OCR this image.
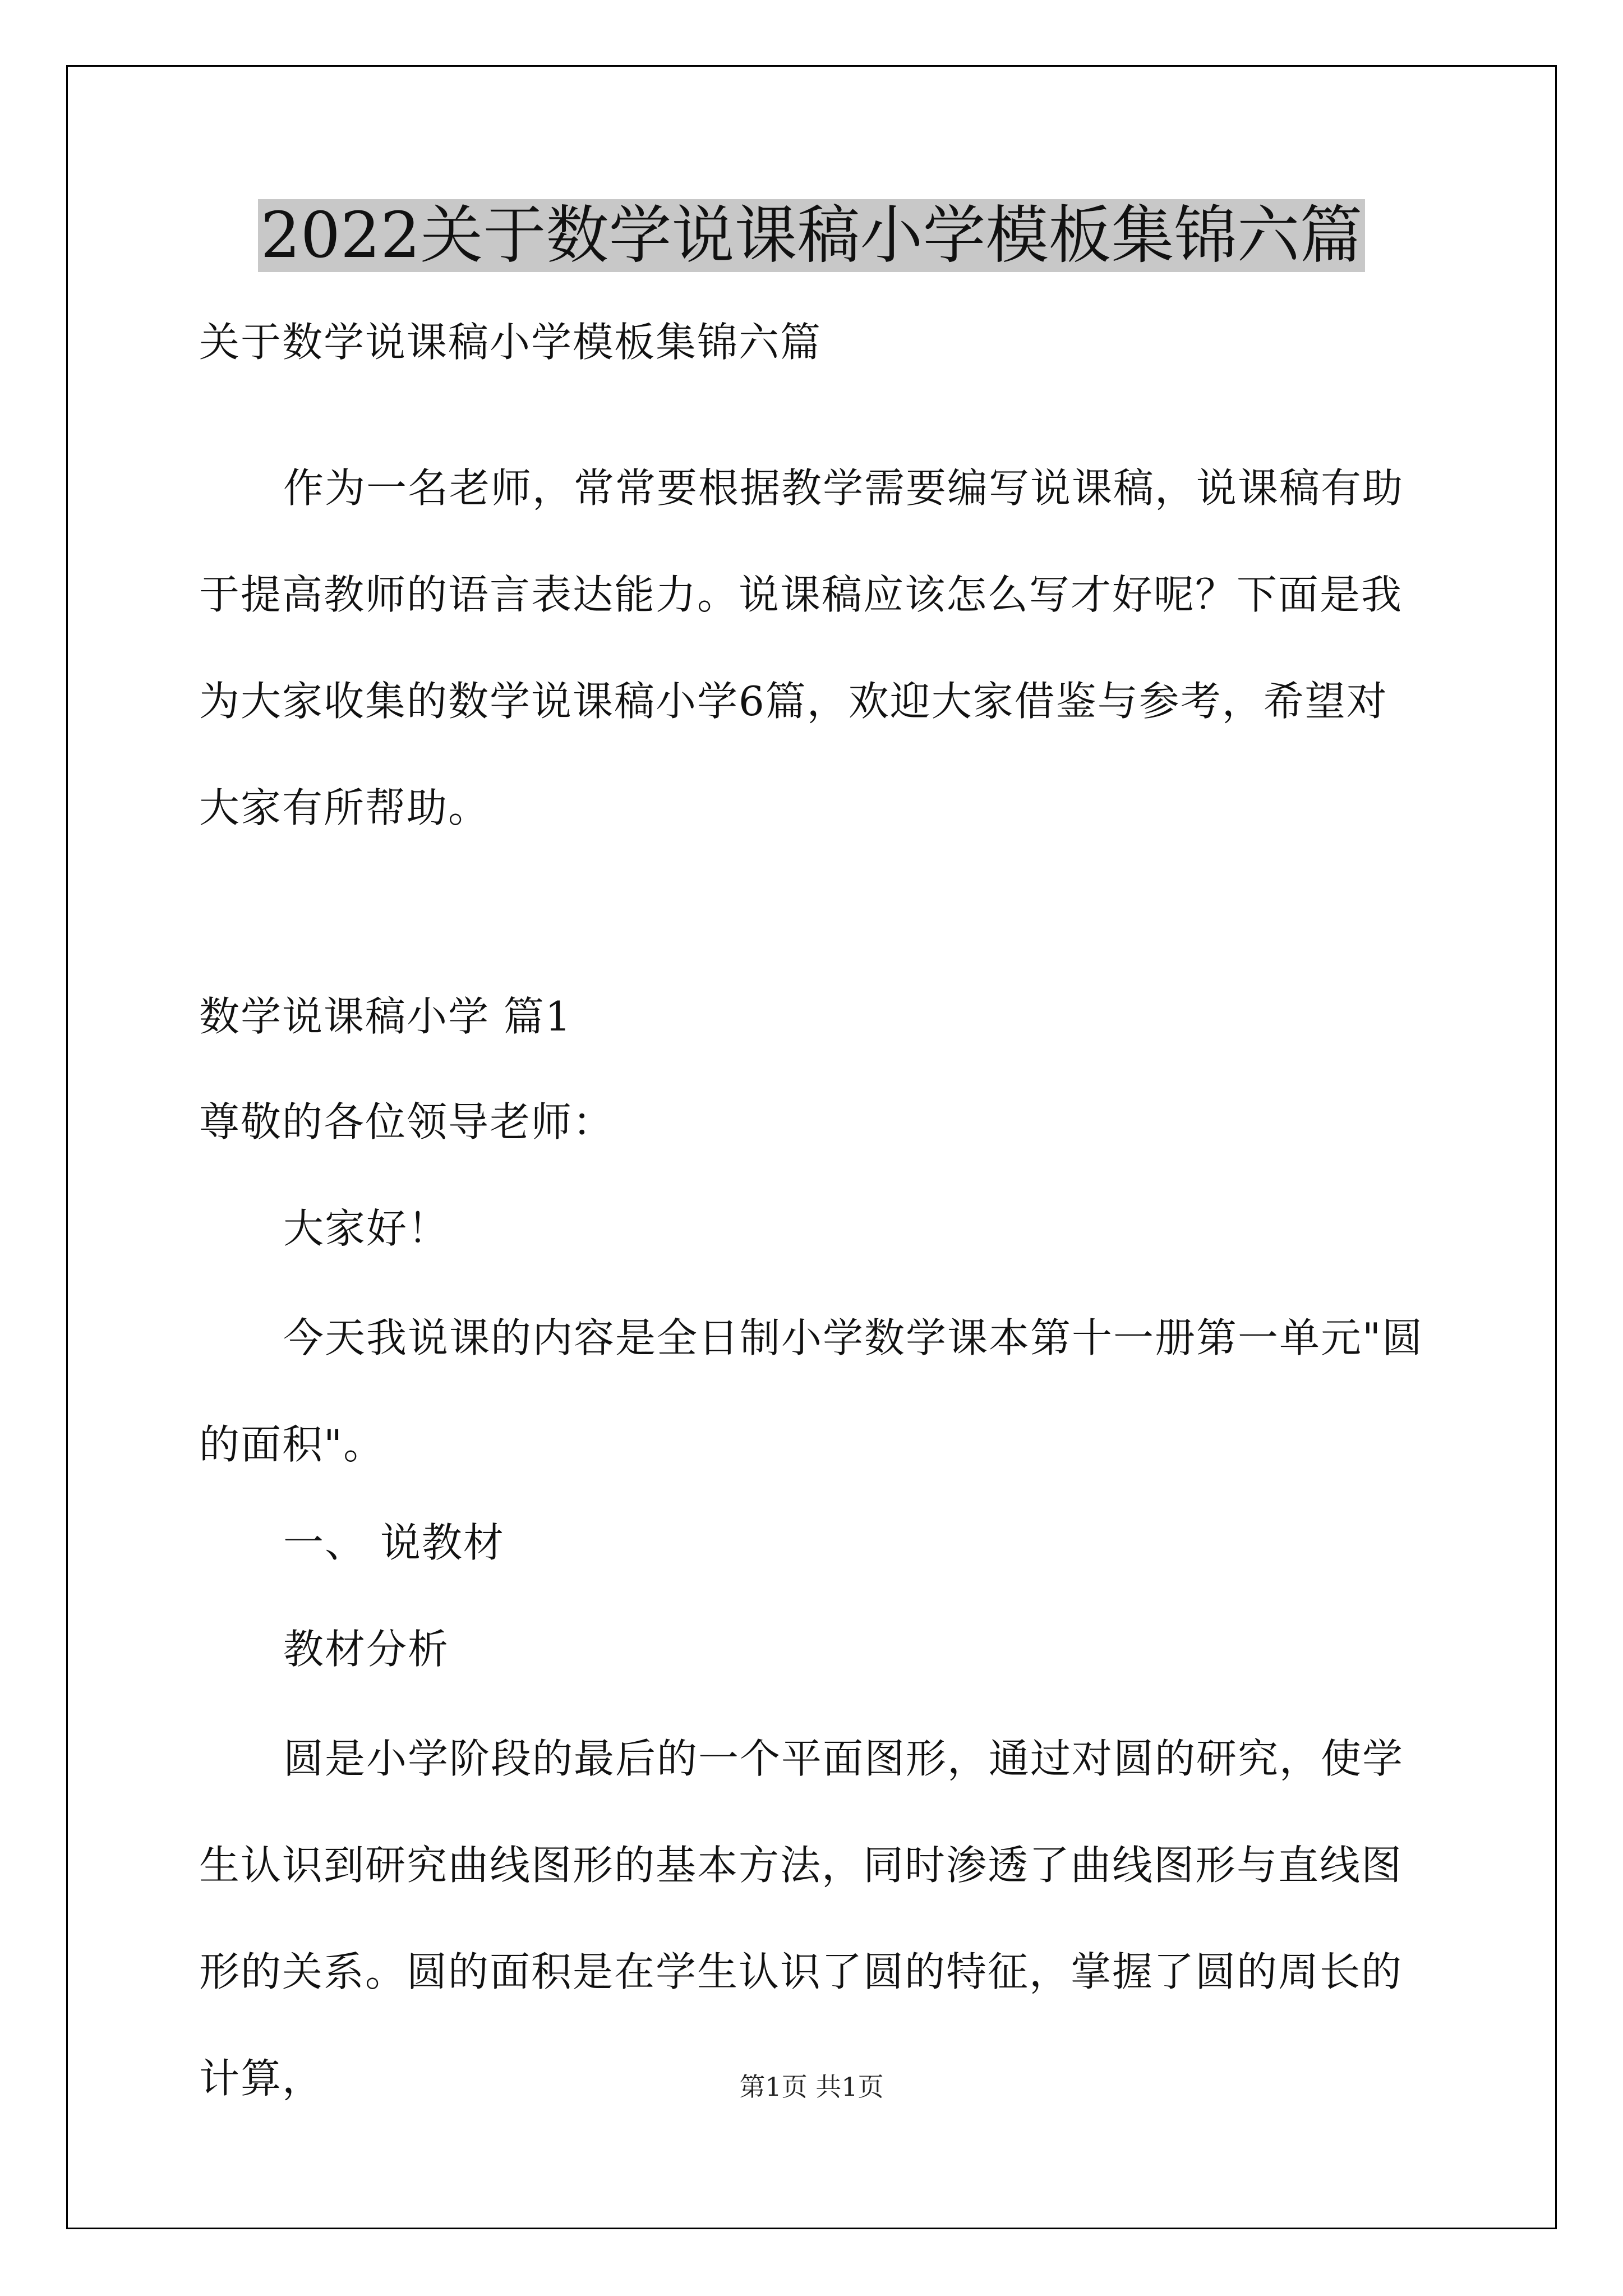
2022关于数学说课稿小学模板集锦六篇
关于数学说课稿小学模板集锦六篇

作为一名老师，常常要根据教学需要编写说课稿，说课稿有助于提高教师的语言表达能力。说课稿应该怎么写才好呢？下面是我为大家收集的数学说课稿小学6篇，欢迎大家借鉴与参考，希望对大家有所帮助。

数学说课稿小学 篇1
尊敬的各位领导老师：
大家好！

今天我说课的内容是全日制小学数学课本第十一册第一单元"圆的面积"。

一、 说教材
教材分析

圆是小学阶段的最后的一个平面图形，通过对圆的研究，使学生认识到研究曲线图形的基本方法，同时渗透了曲线图形与直线图形的关系。圆的面积是在学生认识了圆的特征，掌握了圆的周长的计算，	第1页 共1页
